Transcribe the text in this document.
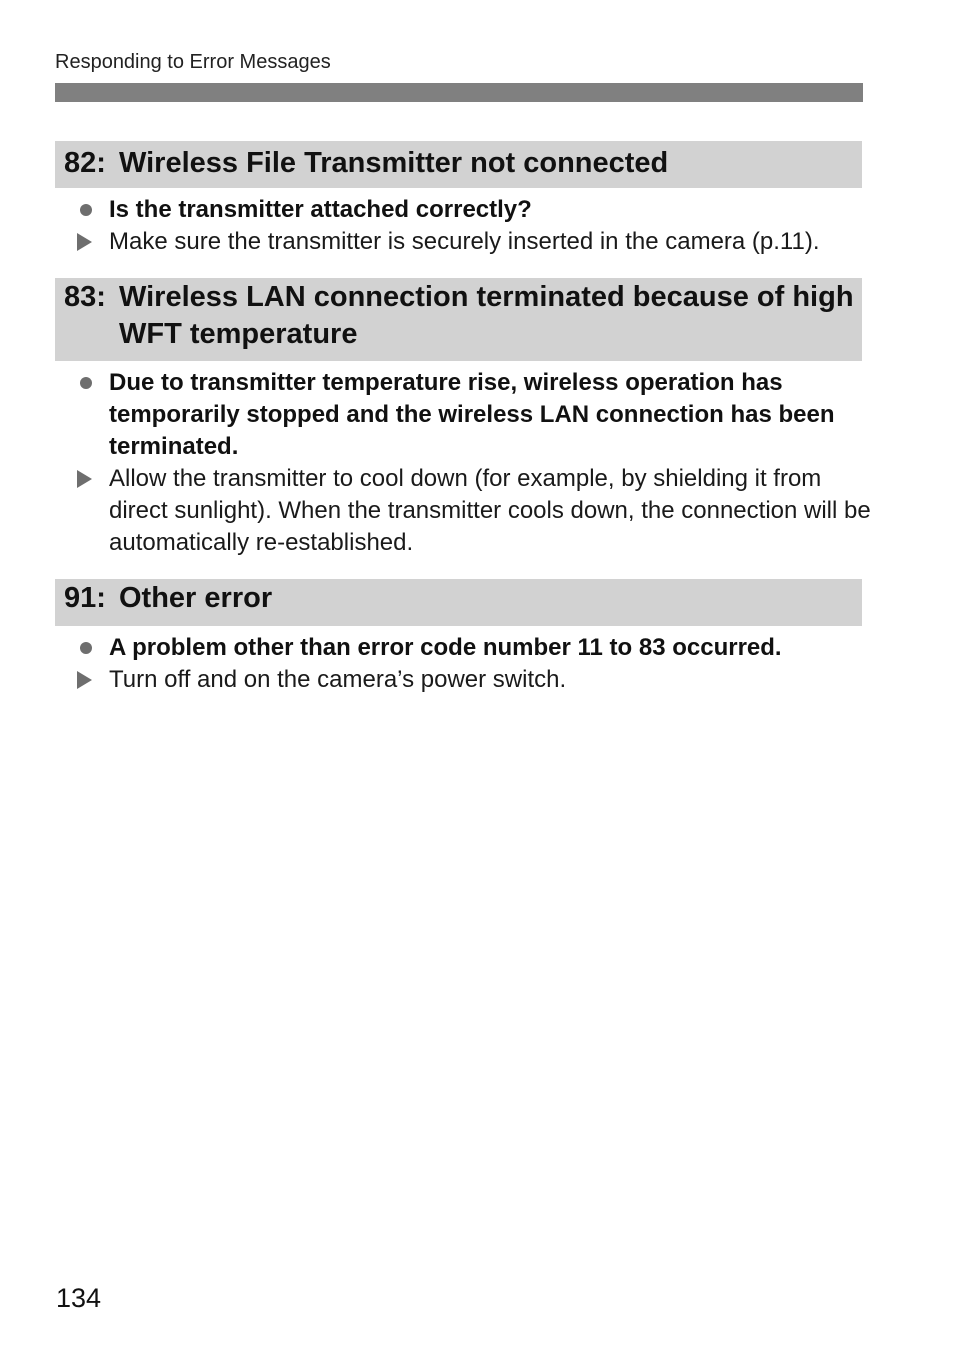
Responding to Error Messages
82: Wireless File Transmitter not connected
Is the transmitter attached correctly?
Make sure the transmitter is securely inserted in the camera (p.11).
83: Wireless LAN connection terminated because of high WFT temperature
Due to transmitter temperature rise, wireless operation has temporarily stopped and the wireless LAN connection has been terminated.
Allow the transmitter to cool down (for example, by shielding it from direct sunlight). When the transmitter cools down, the connection will be automatically re-established.
91: Other error
A problem other than error code number 11 to 83 occurred.
Turn off and on the camera’s power switch.
134
